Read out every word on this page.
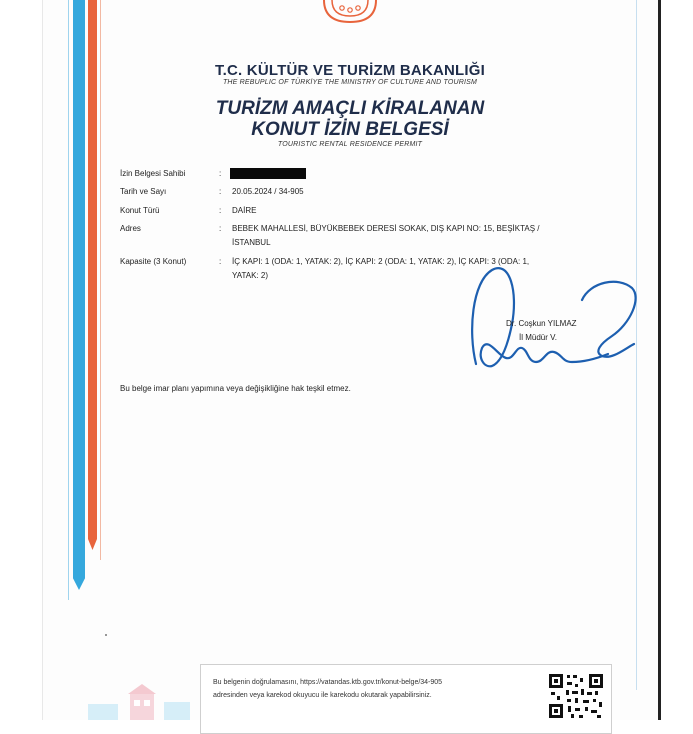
T.C. KÜLTÜR VE TURİZM BAKANLIĞI
THE REBUPLIC OF TÜRKİYE THE MINISTRY OF CULTURE AND TOURISM
TURİZM AMAÇLI KİRALANAN
KONUT İZİN BELGESİ
TOURISTIC RENTAL RESIDENCE PERMIT
İzin Belgesi Sahibi	:
Tarih ve Sayı	:	20.05.2024 / 34-905
Konut Türü	:	DAİRE
Adres	:	BEBEK MAHALLESİ, BÜYÜKBEBEK DERESİ SOKAK, DIŞ KAPI NO: 15, BEŞİKTAŞ /
İSTANBUL
Kapasite (3 Konut)	:	İÇ KAPI: 1 (ODA: 1, YATAK: 2), İÇ KAPI: 2 (ODA: 1, YATAK: 2), İÇ KAPI: 3 (ODA: 1,
YATAK: 2)
Dr. Coşkun YILMAZ
İl Müdür V.
Bu belge imar planı yapımına veya değişikliğine hak teşkil etmez.
Bu belgenin doğrulamasını, https://vatandas.ktb.gov.tr/konut-belge/34-905
adresinden veya karekod okuyucu ile karekodu okutarak yapabilirsiniz.
